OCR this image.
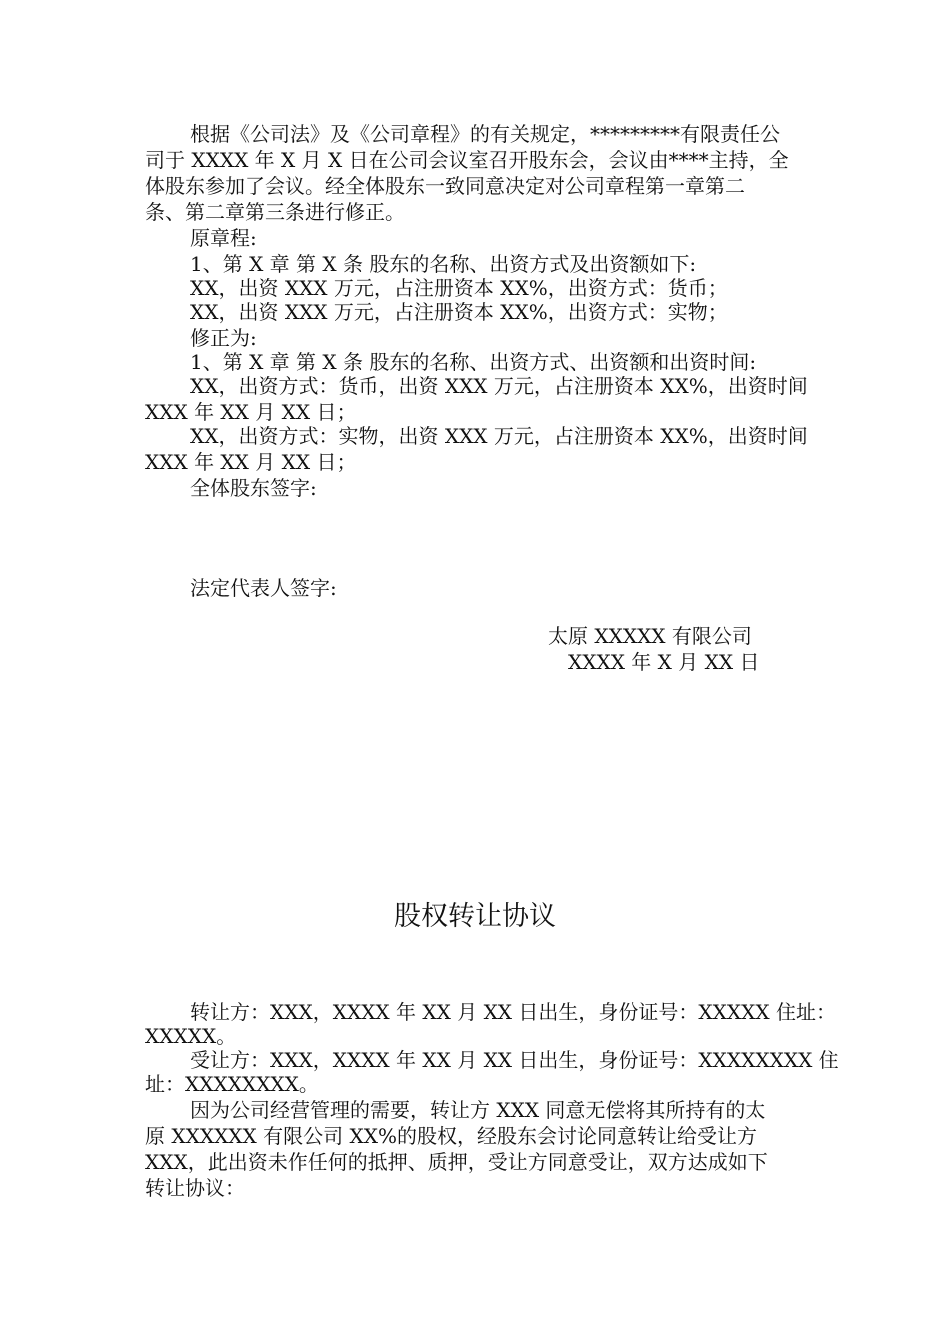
根据《公司法》及《公司章程》的有关规定，*********有限责任公
司于 XXXX 年 X 月 X 日在公司会议室召开股东会，会议由****主持，全
体股东参加了会议。经全体股东一致同意决定对公司章程第一章第二
条、第二章第三条进行修正。
原章程:
1、第 X 章 第 X 条 股东的名称、出资方式及出资额如下:
XX，出资 XXX 万元，占注册资本 XX%，出资方式：货币；
XX，出资 XXX 万元，占注册资本 XX%，出资方式：实物；
修正为:
1、第 X 章 第 X 条 股东的名称、出资方式、出资额和出资时间:
XX，出资方式：货币，出资 XXX 万元，占注册资本 XX%，出资时间
XXX 年 XX 月 XX 日；
XX，出资方式：实物，出资 XXX 万元，占注册资本 XX%，出资时间
XXX 年 XX 月 XX 日；
全体股东签字:
法定代表人签字:
太原 XXXXX 有限公司
XXXX 年 X 月 XX 日
股权转让协议
转让方：XXX，XXXX 年 XX 月 XX 日出生，身份证号：XXXXX 住址：
XXXXX。
受让方：XXX，XXXX 年 XX 月 XX 日出生，身份证号：XXXXXXXX 住
址：XXXXXXXX。
因为公司经营管理的需要，转让方 XXX 同意无偿将其所持有的太
原 XXXXXX 有限公司 XX%的股权，经股东会讨论同意转让给受让方
XXX，此出资未作任何的抵押、质押，受让方同意受让，双方达成如下
转让协议：
